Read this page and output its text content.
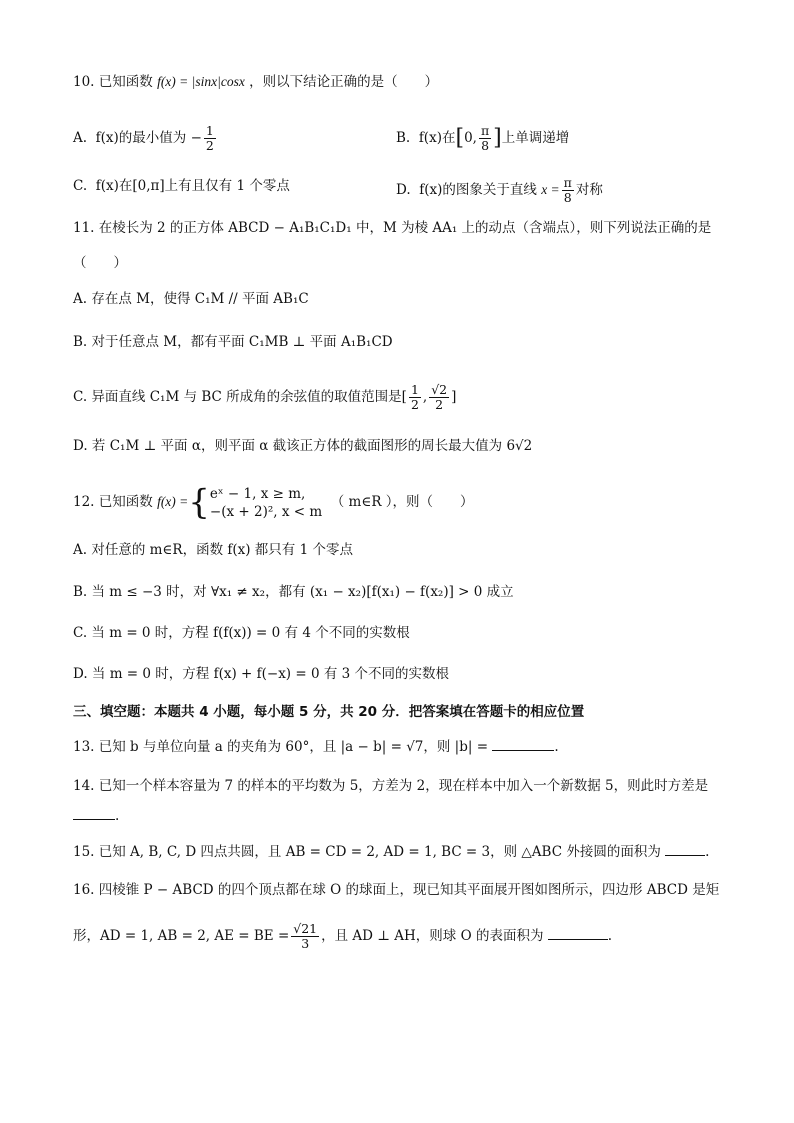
10. 已知函数 f(x) = |sinx|cosx ，则以下结论正确的是（　　）
A. f(x)的最小值为 − $\frac{1}{2}$	B. f(x)在[0, $\frac{\pi}{8}$ ]上单调递增
C. f(x)在[0,π]上有且仅有 1 个零点	D. f(x)的图象关于直线 $x = \frac{\pi}{8}$ 对称
11. 在棱长为 2 的正方体 ABCD − A₁B₁C₁D₁ 中，M 为棱 AA₁ 上的动点（含端点），则下列说法正确的是
（　　）
A. 存在点 M，使得 C₁M // 平面 AB₁C
B. 对于任意点 M，都有平面 C₁MB ⊥ 平面 A₁B₁CD
C. 异面直线 C₁M 与 BC 所成角的余弦值的取值范围是[ $\frac{1}{2}$ , $\frac{√2}{2}$ ]
D. 若 C₁M ⊥ 平面 α，则平面 α 截该正方体的截面图形的周长最大值为 6√2
12. 已知函数 f(x) ={ eˣ − 1, x ≥ m,
−(x + 2)², x < m
（ m∈R ），则（　　）
A. 对任意的 m∈R，函数 f(x) 都只有 1 个零点
B. 当 m ≤ −3 时，对 ∀x₁ ≠ x₂，都有 (x₁ − x₂)[f(x₁) − f(x₂)] > 0 成立
C. 当 m = 0 时，方程 f(f(x)) = 0 有 4 个不同的实数根
D. 当 m = 0 时，方程 f(x) + f(−x) = 0 有 3 个不同的实数根
三、填空题：本题共 4 小题，每小题 5 分，共 20 分．把答案填在答题卡的相应位置
13. 已知 b 与单位向量 a 的夹角为 60°，且 |a − b| = √7，则 |b| =	.
14. 已知一个样本容量为 7 的样本的平均数为 5，方差为 2，现在样本中加入一个新数据 5，则此时方差是
.
15. 已知 A, B, C, D 四点共圆，且 AB = CD = 2, AD = 1, BC = 3，则 △ABC 外接圆的面积为	.
16. 四棱锥 P − ABCD 的四个顶点都在球 O 的球面上，现已知其平面展开图如图所示，四边形 ABCD 是矩
形，AD = 1, AB = 2, AE = BE = $\frac{√21}{3}$ ，且 AD ⊥ AH，则球 O 的表面积为	.
